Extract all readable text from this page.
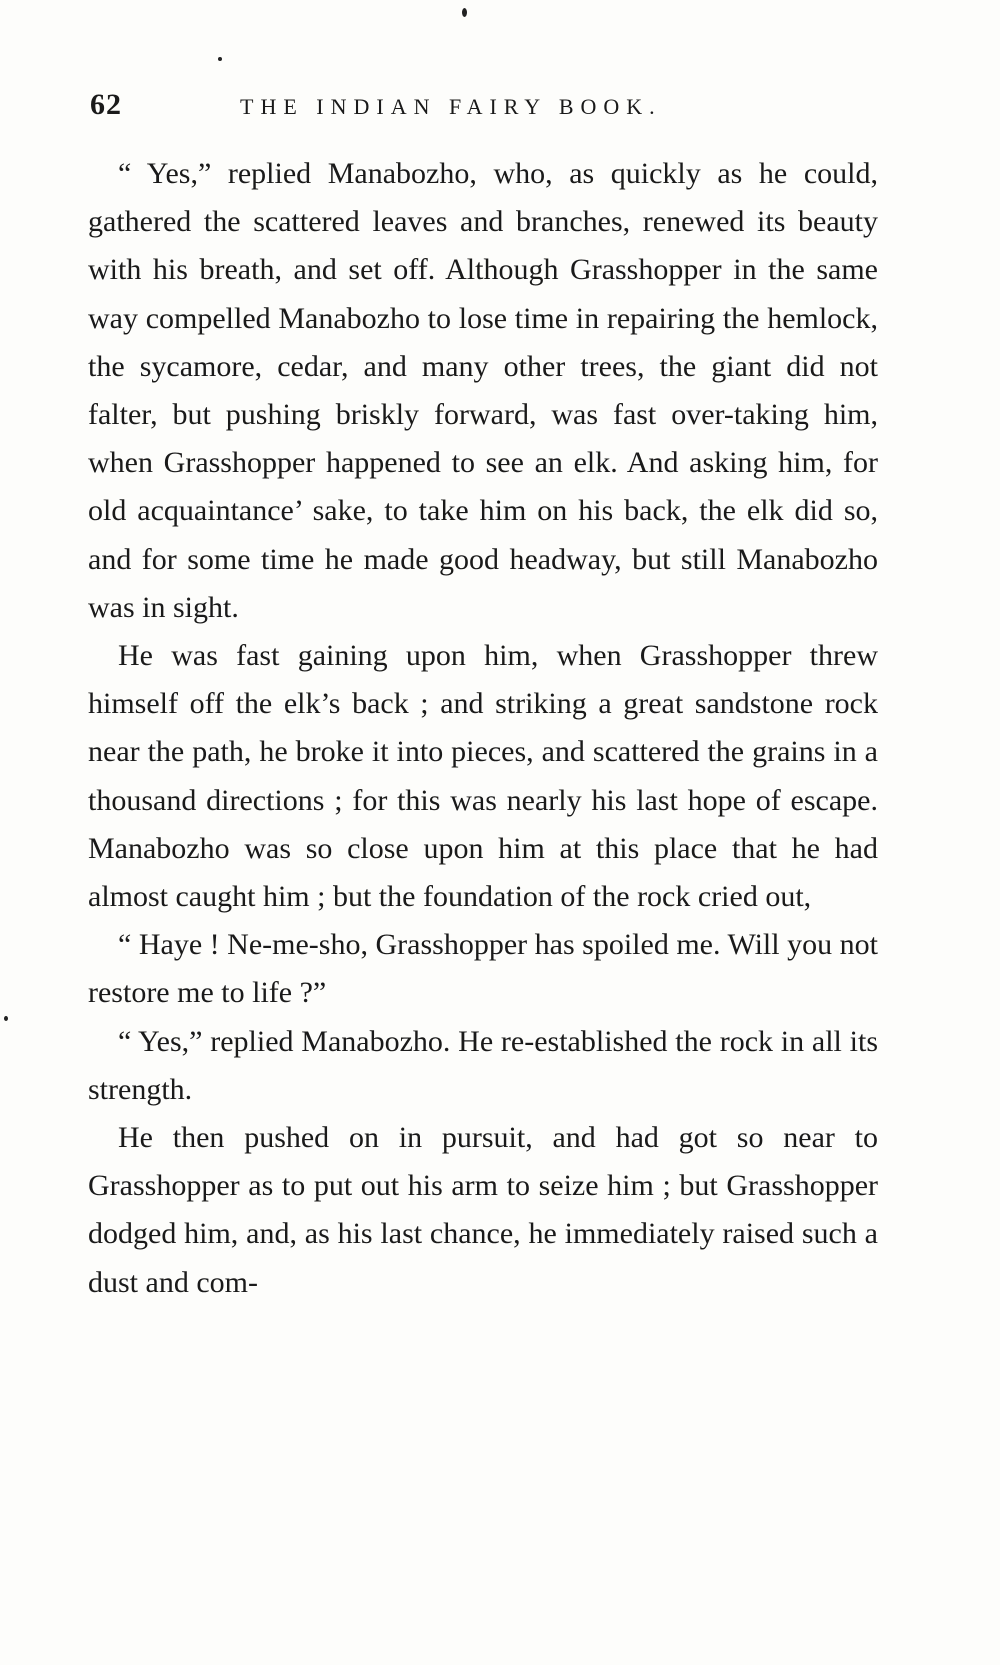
62	THE INDIAN FAIRY BOOK.

“ Yes,” replied Manabozho, who, as quickly as he could, gathered the scattered leaves and branches, renewed its beauty with his breath, and set off. Although Grasshopper in the same way compelled Manabozho to lose time in repairing the hemlock, the sycamore, cedar, and many other trees, the giant did not falter, but pushing briskly forward, was fast over-taking him, when Grasshopper happened to see an elk. And asking him, for old acquaintance’ sake, to take him on his back, the elk did so, and for some time he made good headway, but still Manabozho was in sight.

He was fast gaining upon him, when Grasshopper threw himself off the elk’s back ; and striking a great sandstone rock near the path, he broke it into pieces, and scattered the grains in a thousand directions ; for this was nearly his last hope of escape. Manabozho was so close upon him at this place that he had almost caught him ; but the foundation of the rock cried out,

“ Haye ! Ne-me-sho, Grasshopper has spoiled me. Will you not restore me to life ?”

“ Yes,” replied Manabozho. He re-established the rock in all its strength.

He then pushed on in pursuit, and had got so near to Grasshopper as to put out his arm to seize him ; but Grasshopper dodged him, and, as his last chance, he immediately raised such a dust and com-
